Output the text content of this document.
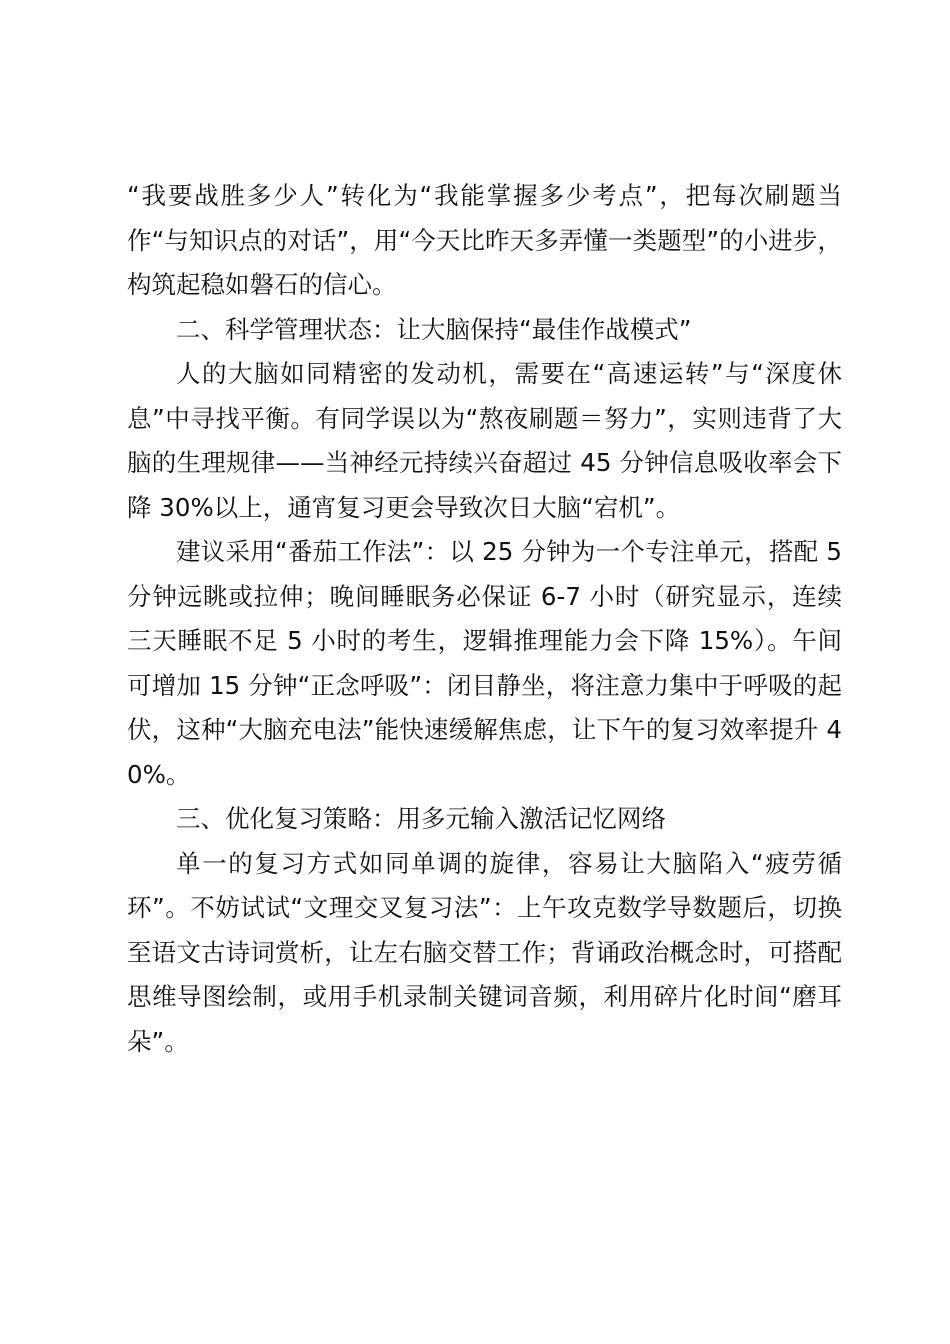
“我要战胜多少人”转化为“我能掌握多少考点”，把每次刷题当作“与知识点的对话”，用“今天比昨天多弄懂一类题型”的小进步，构筑起稳如磐石的信心。

二、科学管理状态：让大脑保持“最佳作战模式”

人的大脑如同精密的发动机，需要在“高速运转”与“深度休息”中寻找平衡。有同学误以为“熬夜刷题＝努力”，实则违背了大脑的生理规律——当神经元持续兴奋超过 45 分钟信息吸收率会下降 30%以上，通宵复习更会导致次日大脑“宕机”。

建议采用“番茄工作法”：以 25 分钟为一个专注单元，搭配 5 分钟远眺或拉伸；晚间睡眠务必保证 6-7 小时（研究显示，连续三天睡眠不足 5 小时的考生，逻辑推理能力会下降 15%）。午间可增加 15 分钟“正念呼吸”：闭目静坐，将注意力集中于呼吸的起伏，这种“大脑充电法”能快速缓解焦虑，让下午的复习效率提升 40%。

三、优化复习策略：用多元输入激活记忆网络

单一的复习方式如同单调的旋律，容易让大脑陷入“疲劳循环”。不妨试试“文理交叉复习法”：上午攻克数学导数题后，切换至语文古诗词赏析，让左右脑交替工作；背诵政治概念时，可搭配思维导图绘制，或用手机录制关键词音频，利用碎片化时间“磨耳朵”。
